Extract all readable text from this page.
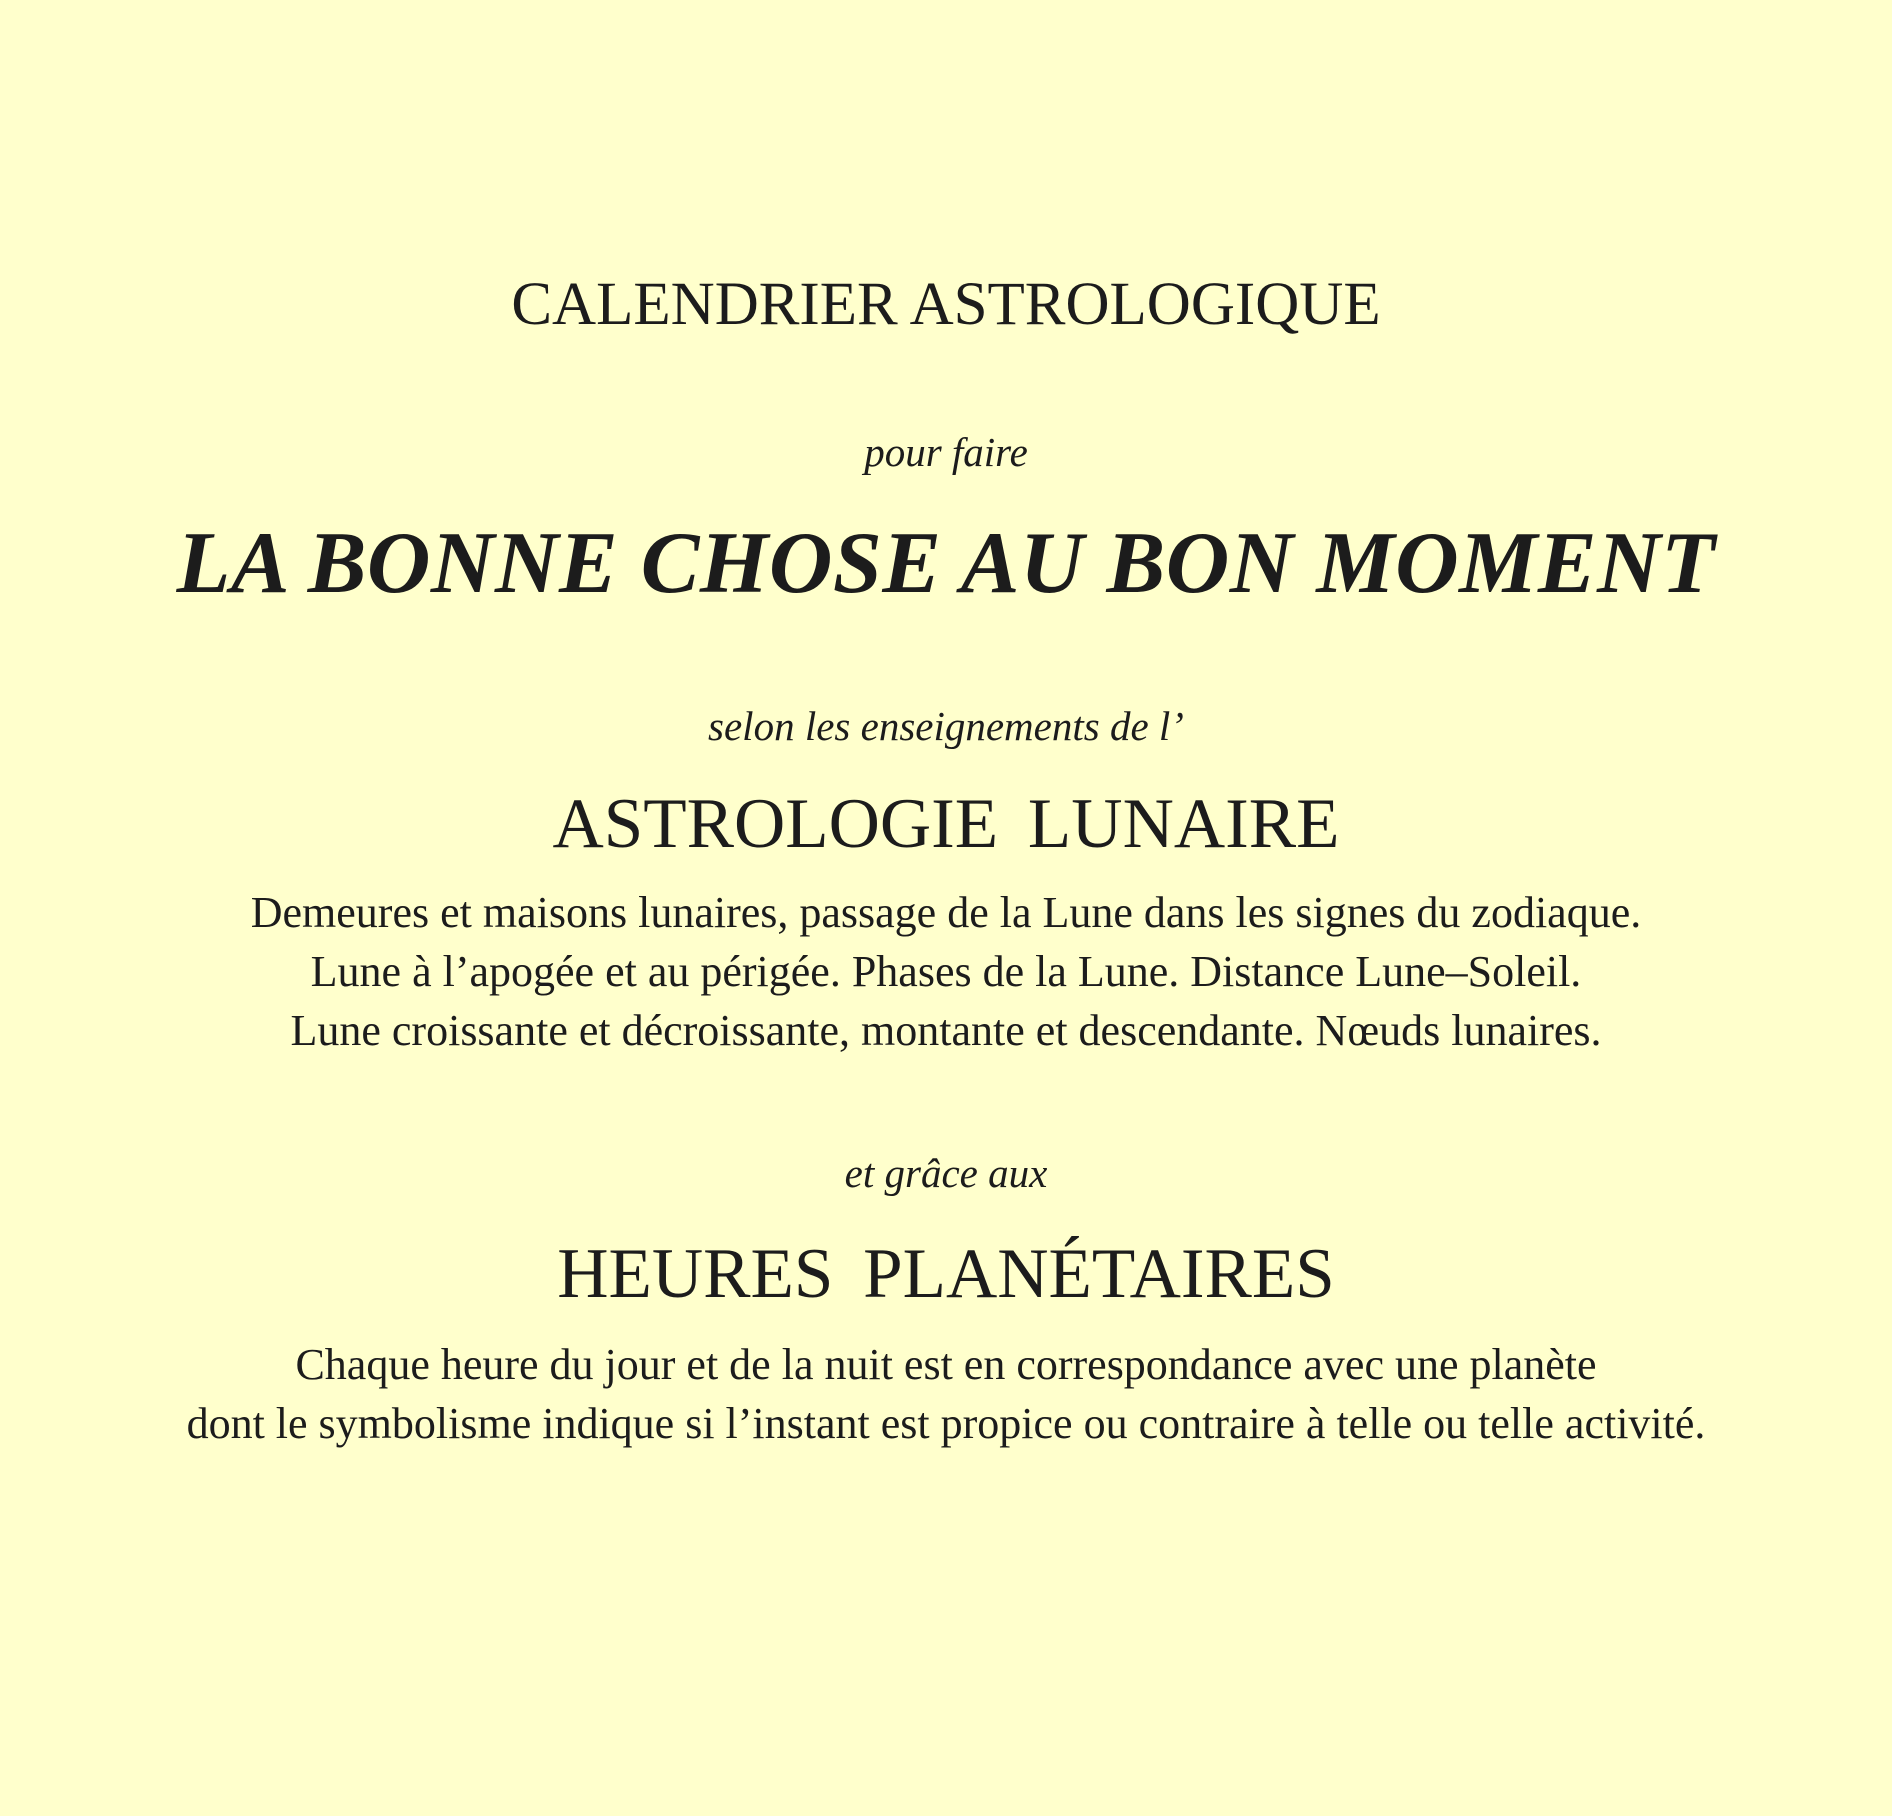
CALENDRIER ASTROLOGIQUE
pour faire
LA BONNE CHOSE AU BON MOMENT
selon les enseignements de l’
ASTROLOGIE LUNAIRE
Demeures et maisons lunaires, passage de la Lune dans les signes du zodiaque.
Lune à l’apogée et au périgée. Phases de la Lune. Distance Lune–Soleil.
Lune croissante et décroissante, montante et descendante. Nœuds lunaires.
et grâce aux
HEURES PLANÉTAIRES
Chaque heure du jour et de la nuit est en correspondance avec une planète
dont le symbolisme indique si l’instant est propice ou contraire à telle ou telle activité.
